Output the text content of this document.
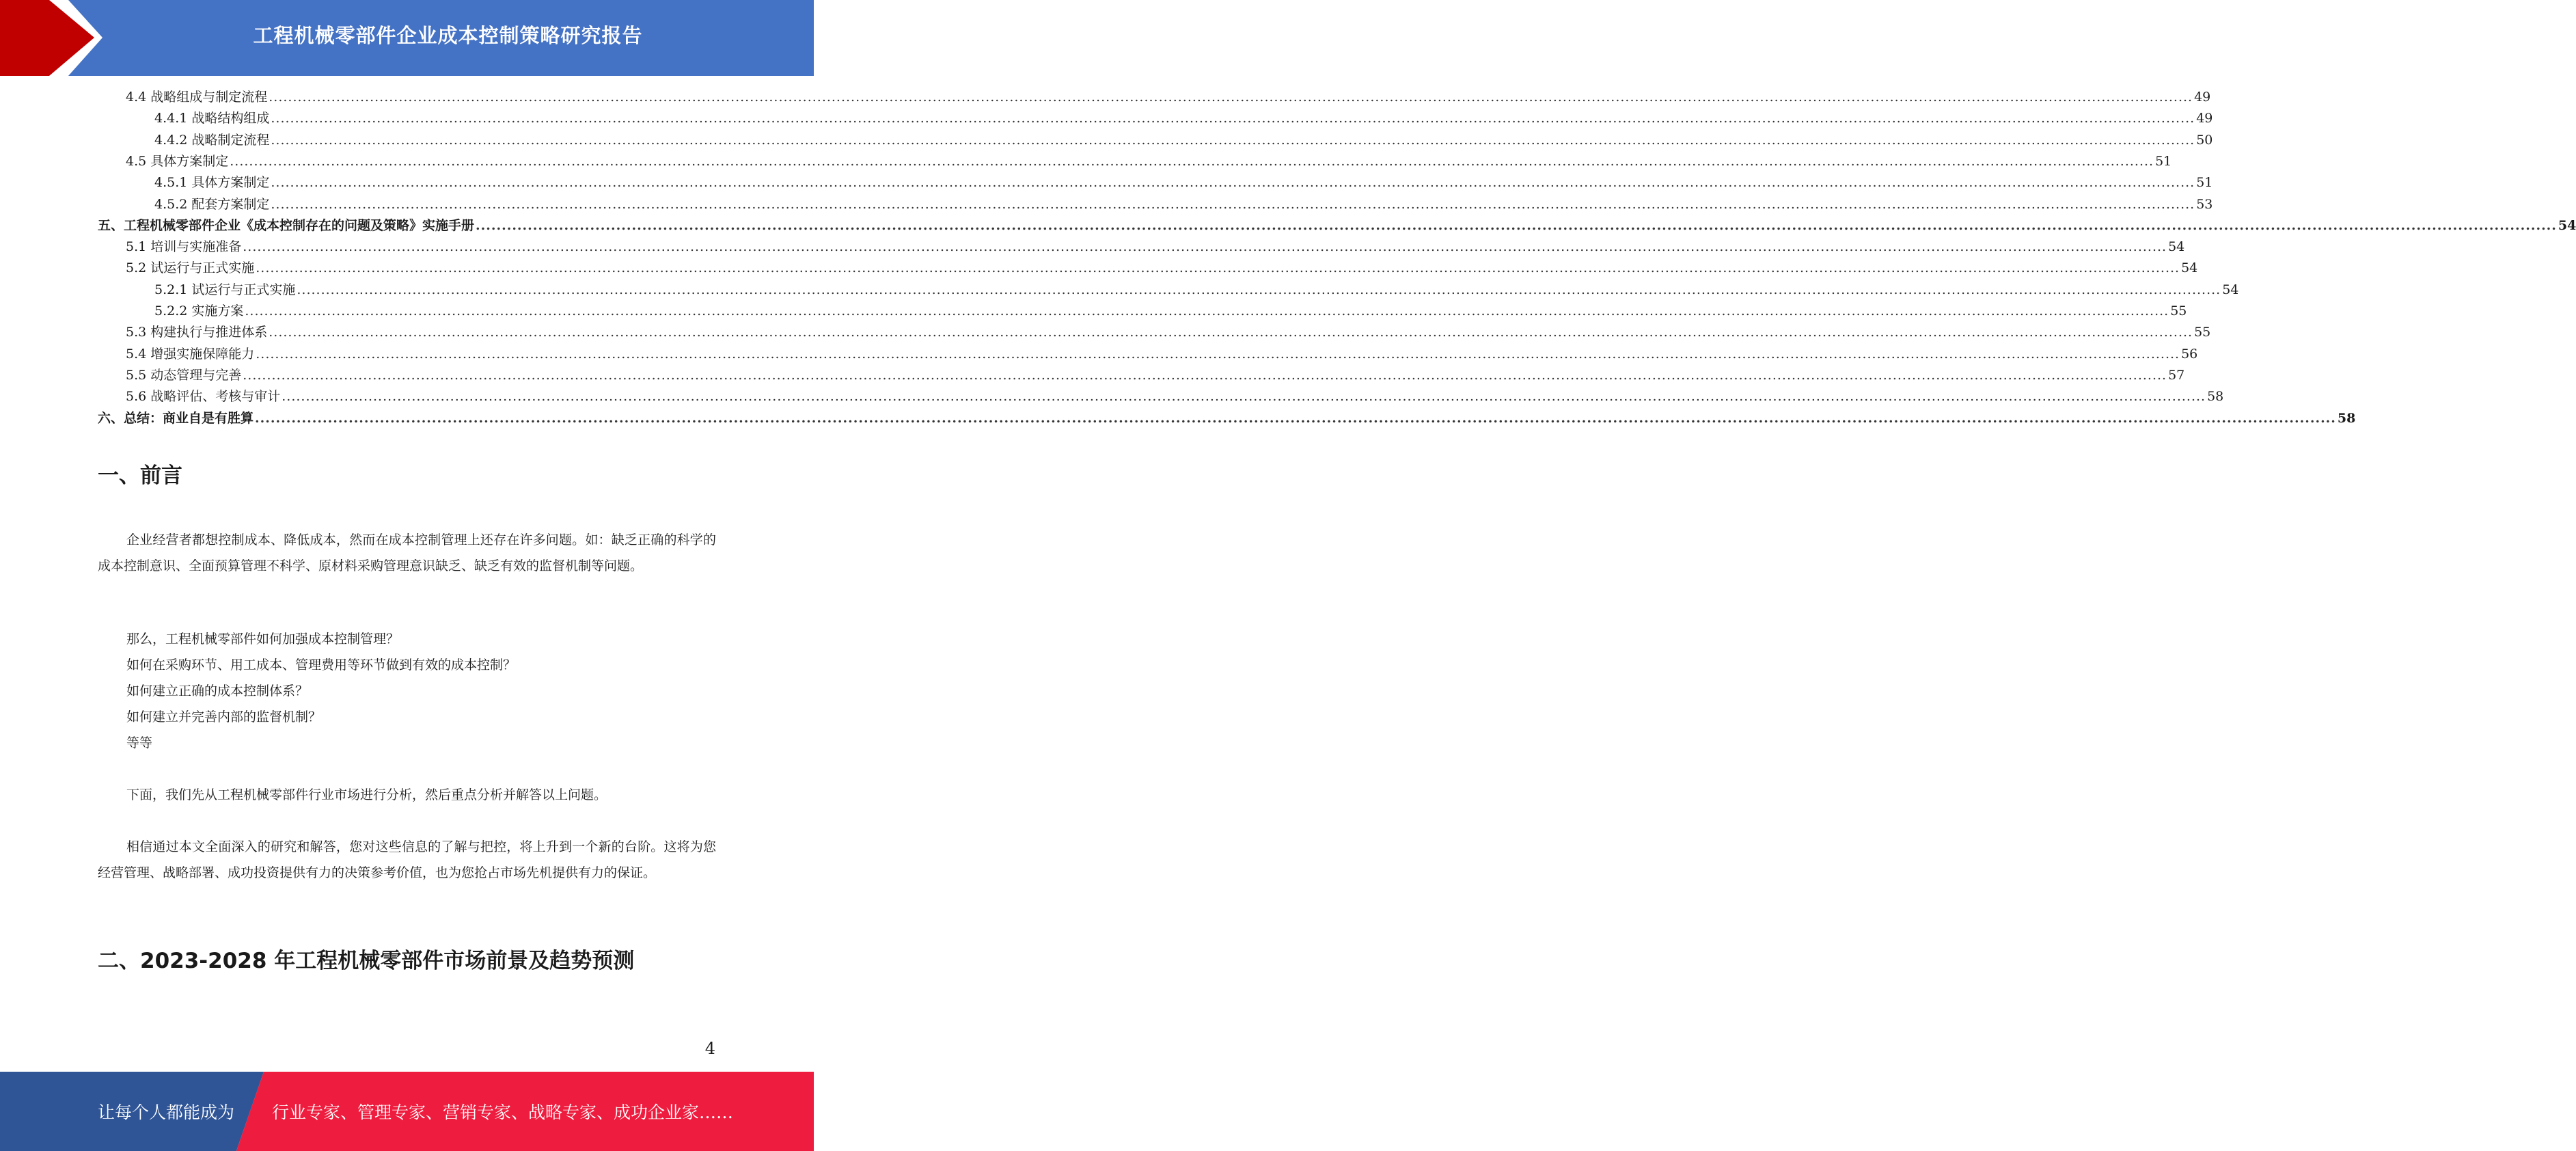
工程机械零部件企业成本控制策略研究报告
4.4 战略组成与制定流程 ................................................................................................................................................................................................................................................................................................................................................................................................................ 49
4.4.1 战略结构组成 ................................................................................................................................................................................................................................................................................................................................................................................................................ 49
4.4.2 战略制定流程 ................................................................................................................................................................................................................................................................................................................................................................................................................ 50
4.5 具体方案制定 ................................................................................................................................................................................................................................................................................................................................................................................................................ 51
4.5.1 具体方案制定 ................................................................................................................................................................................................................................................................................................................................................................................................................ 51
4.5.2 配套方案制定 ................................................................................................................................................................................................................................................................................................................................................................................................................ 53
五、工程机械零部件企业《成本控制存在的问题及策略》实施手册 ................................................................................................................................................................................................................................................................................................................................................................................................................ 54
5.1 培训与实施准备 ................................................................................................................................................................................................................................................................................................................................................................................................................ 54
5.2 试运行与正式实施 ................................................................................................................................................................................................................................................................................................................................................................................................................ 54
5.2.1 试运行与正式实施 ................................................................................................................................................................................................................................................................................................................................................................................................................ 54
5.2.2 实施方案 ................................................................................................................................................................................................................................................................................................................................................................................................................ 55
5.3 构建执行与推进体系 ................................................................................................................................................................................................................................................................................................................................................................................................................ 55
5.4 增强实施保障能力 ................................................................................................................................................................................................................................................................................................................................................................................................................ 56
5.5 动态管理与完善 ................................................................................................................................................................................................................................................................................................................................................................................................................ 57
5.6 战略评估、考核与审计 ................................................................................................................................................................................................................................................................................................................................................................................................................ 58
六、总结：商业自是有胜算 ................................................................................................................................................................................................................................................................................................................................................................................................................ 58
一、前言
企业经营者都想控制成本、降低成本，然而在成本控制管理上还存在许多问题。如：缺乏正确的科学的成本控制意识、全面预算管理不科学、原材料采购管理意识缺乏、缺乏有效的监督机制等问题。
那么，工程机械零部件如何加强成本控制管理？
如何在采购环节、用工成本、管理费用等环节做到有效的成本控制？
如何建立正确的成本控制体系？
如何建立并完善内部的监督机制？
等等
下面，我们先从工程机械零部件行业市场进行分析，然后重点分析并解答以上问题。
相信通过本文全面深入的研究和解答，您对这些信息的了解与把控，将上升到一个新的台阶。这将为您经营管理、战略部署、成功投资提供有力的决策参考价值，也为您抢占市场先机提供有力的保证。
二、2023-2028 年工程机械零部件市场前景及趋势预测
4
让每个人都能成为 行业专家、管理专家、营销专家、战略专家、成功企业家……
